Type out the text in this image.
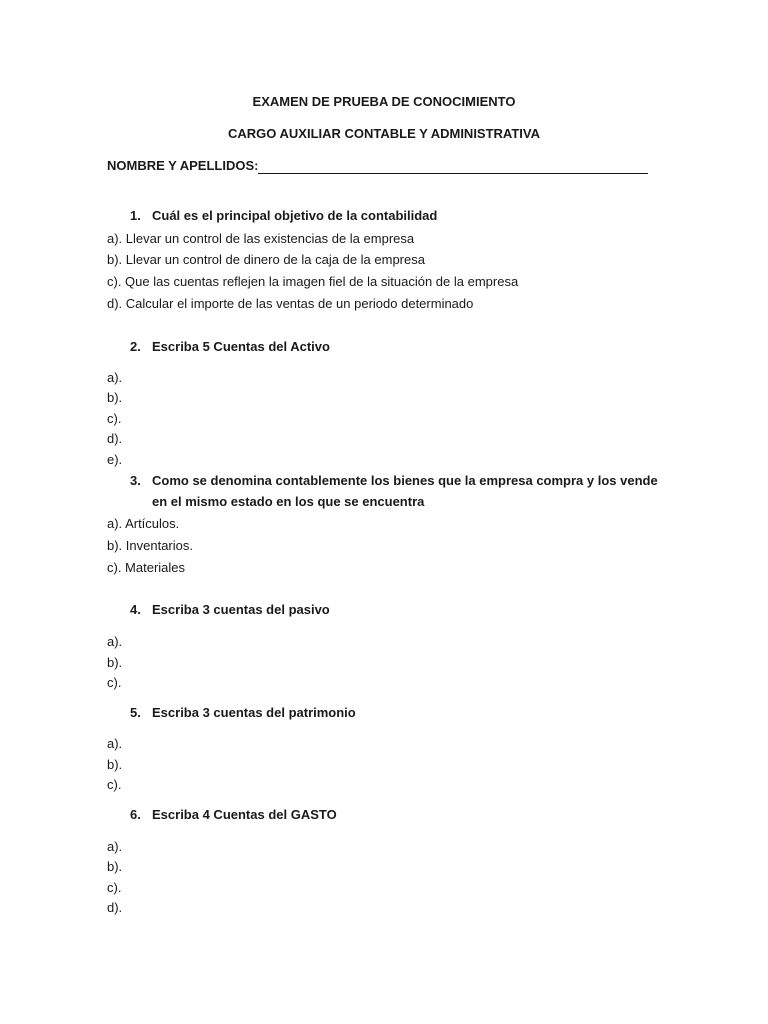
EXAMEN DE PRUEBA DE CONOCIMIENTO
CARGO AUXILIAR CONTABLE Y ADMINISTRATIVA
NOMBRE Y APELLIDOS:
1. Cuál es el principal objetivo de la contabilidad
a). Llevar un control de las existencias de la empresa
b). Llevar un control de dinero de la caja de la empresa
c). Que las cuentas reflejen la imagen fiel de la situación de la empresa
d). Calcular el importe de las ventas de un periodo determinado
2. Escriba 5 Cuentas del Activo
a).
b).
c).
d).
e).
3. Como se denomina contablemente los bienes que la empresa compra y los vende
en el mismo estado en los que se encuentra
a). Artículos.
b). Inventarios.
c). Materiales
4. Escriba 3 cuentas del pasivo
a).
b).
c).
5. Escriba 3 cuentas del patrimonio
a).
b).
c).
6. Escriba 4 Cuentas del GASTO
a).
b).
c).
d).
